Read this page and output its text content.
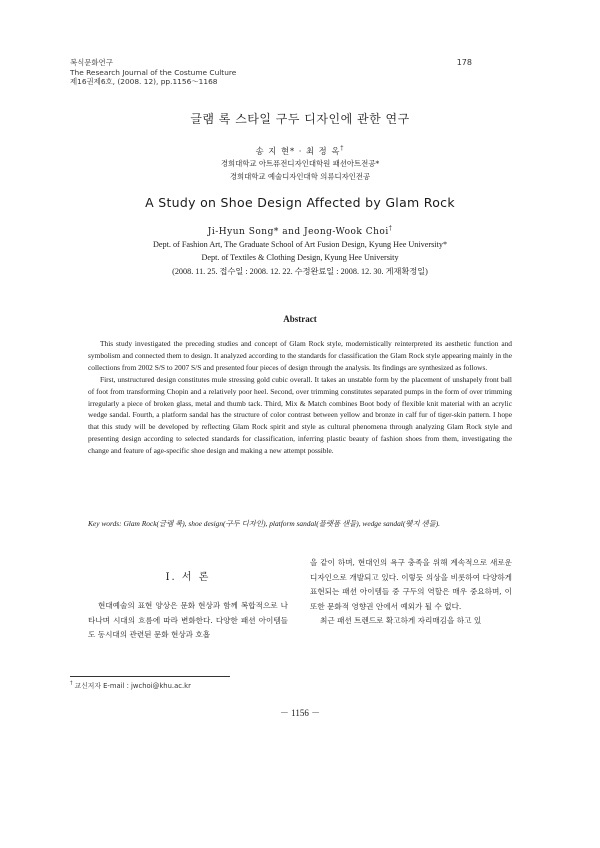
복식문화연구
The Research Journal of the Costume Culture
제16권제6호, (2008. 12), pp.1156～1168
178
글램 록 스타일 구두 디자인에 관한 연구
송 지 현* · 최 정 옥†
경희대학교 아트퓨전디자인대학원 패션아트전공*
경희대학교 예술디자인대학 의류디자인전공
A Study on Shoe Design Affected by Glam Rock
Ji-Hyun Song* and Jeong-Wook Choi†
Dept. of Fashion Art, The Graduate School of Art Fusion Design, Kyung Hee University*
Dept. of Textiles & Clothing Design, Kyung Hee University
(2008. 11. 25. 접수일 : 2008. 12. 22. 수정완료일 : 2008. 12. 30. 게재확정일)
Abstract

This study investigated the preceding studies and concept of Glam Rock style, modernistically reinterpreted its aesthetic function and symbolism and connected them to design. It analyzed according to the standards for classification the Glam Rock style appearing mainly in the collections from 2002 S/S to 2007 S/S and presented four pieces of design through the analysis. Its findings are synthesized as follows.

First, unstructured design constitutes mule stressing gold cubic overall. It takes an unstable form by the placement of unshapely front ball of foot from transforming Chopin and a relatively poor heel. Second, over trimming constitutes separated pumps in the form of over trimming irregularly a piece of broken glass, metal and thumb tack. Third, Mix & Match combines Boot body of flexible knit material with an acrylic wedge sandal. Fourth, a platform sandal has the structure of color contrast between yellow and bronze in calf fur of tiger-skin pattern. I hope that this study will be developed by reflecting Glam Rock spirit and style as cultural phenomena through analyzing Glam Rock style and presenting design according to selected standards for classification, inferring plastic beauty of fashion shoes from them, investigating the change and feature of age-specific shoe design and making a new attempt possible.

Key words: Glam Rock(글램 록), shoe design(구두 디자인), platform sandal(플랫폼 샌들), wedge sandal(웻지 샌들).
Ⅰ. 서 론

현대예술의 표현 양상은 문화 현상과 함께 복합적으로 나타나며 시대의 흐름에 따라 변화한다. 다양한 패션 아이템들도 동시대의 관련된 문화 현상과 호흡

을 같이 하며, 현대인의 욕구 충족을 위해 계속적으로 새로운 디자인으로 개발되고 있다. 이렇듯 의상을 비롯하여 다양하게 표현되는 패션 아이템들 중 구두의 역할은 매우 중요하며, 이 또한 문화적 영향권 안에서 예외가 될 수 없다.

최근 패션 트렌드로 확고하게 자리매김을 하고 있

† 교신저자 E-mail : jwchoi@khu.ac.kr
－ 1156 －
